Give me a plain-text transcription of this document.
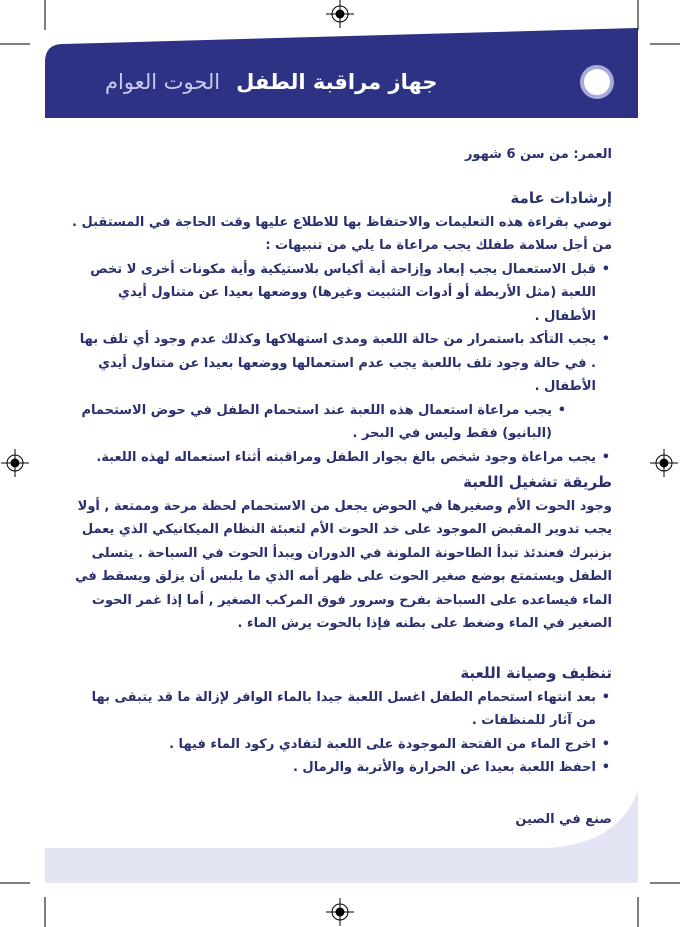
جهاز مراقبة الطفل
الحوت العوام
العمر: من سن 6 شهور
إرشادات عامة
نوصي بقراءة هذه التعليمات والاحتفاظ بها للاطلاع عليها وقت الحاجة في المستقبل .
من أجل سلامة طفلك يجب مراعاة ما يلي من تنبيهات :
• قبل الاستعمال يجب إبعاد وإزاحة أية أكياس بلاستيكية وأية مكونات أخرى لا تخص اللعبة (مثل الأربطة أو أدوات التثبيت وغيرها) ووضعها بعيدا عن متناول أيدي الأطفال .
• يجب التأكد باستمرار من حالة اللعبة ومدى استهلاكها وكذلك عدم وجود أي تلف بها . في حالة وجود تلف باللعبة يجب عدم استعمالها ووضعها بعيدا عن متناول أيدي الأطفال .
• يجب مراعاة استعمال هذه اللعبة عند استحمام الطفل في حوض الاستحمام (البانيو) فقط وليس في البحر .
• يجب مراعاة وجود شخص بالغ بجوار الطفل ومراقبته أثناء استعماله لهذه اللعبة.
طريقة تشغيل اللعبة
وجود الحوت الأم وصغيرها في الحوض يجعل من الاستحمام لحظة مرحة وممتعة , أولا يجب تدوير المقبض الموجود على خد الحوت الأم لتعبئة النظام الميكانيكي الذي يعمل بزنبرك فعندئذ تبدأ الطاحونة الملونة في الدوران ويبدأ الحوت في السباحة . يتسلى الطفل ويستمتع بوضع صغير الحوت على ظهر أمه الذي ما يلبس أن يزلق ويسقط في الماء فيساعده على السباحة بفرح وسرور فوق المركب الصغير , أما إذا غمر الحوت الصغير في الماء وضغط على بطنه فإذا بالحوت يرش الماء .
تنظيف وصيانة اللعبة
• بعد انتهاء استحمام الطفل اغسل اللعبة جيدا بالماء الوافر لإزالة ما قد يتبقى بها من آثار للمنظفات .
• اخرج الماء من الفتحة الموجودة على اللعبة لتفادي ركود الماء فيها .
• احفظ اللعبة بعيدا عن الحرارة والأتربة والرمال .
صنع في الصين
